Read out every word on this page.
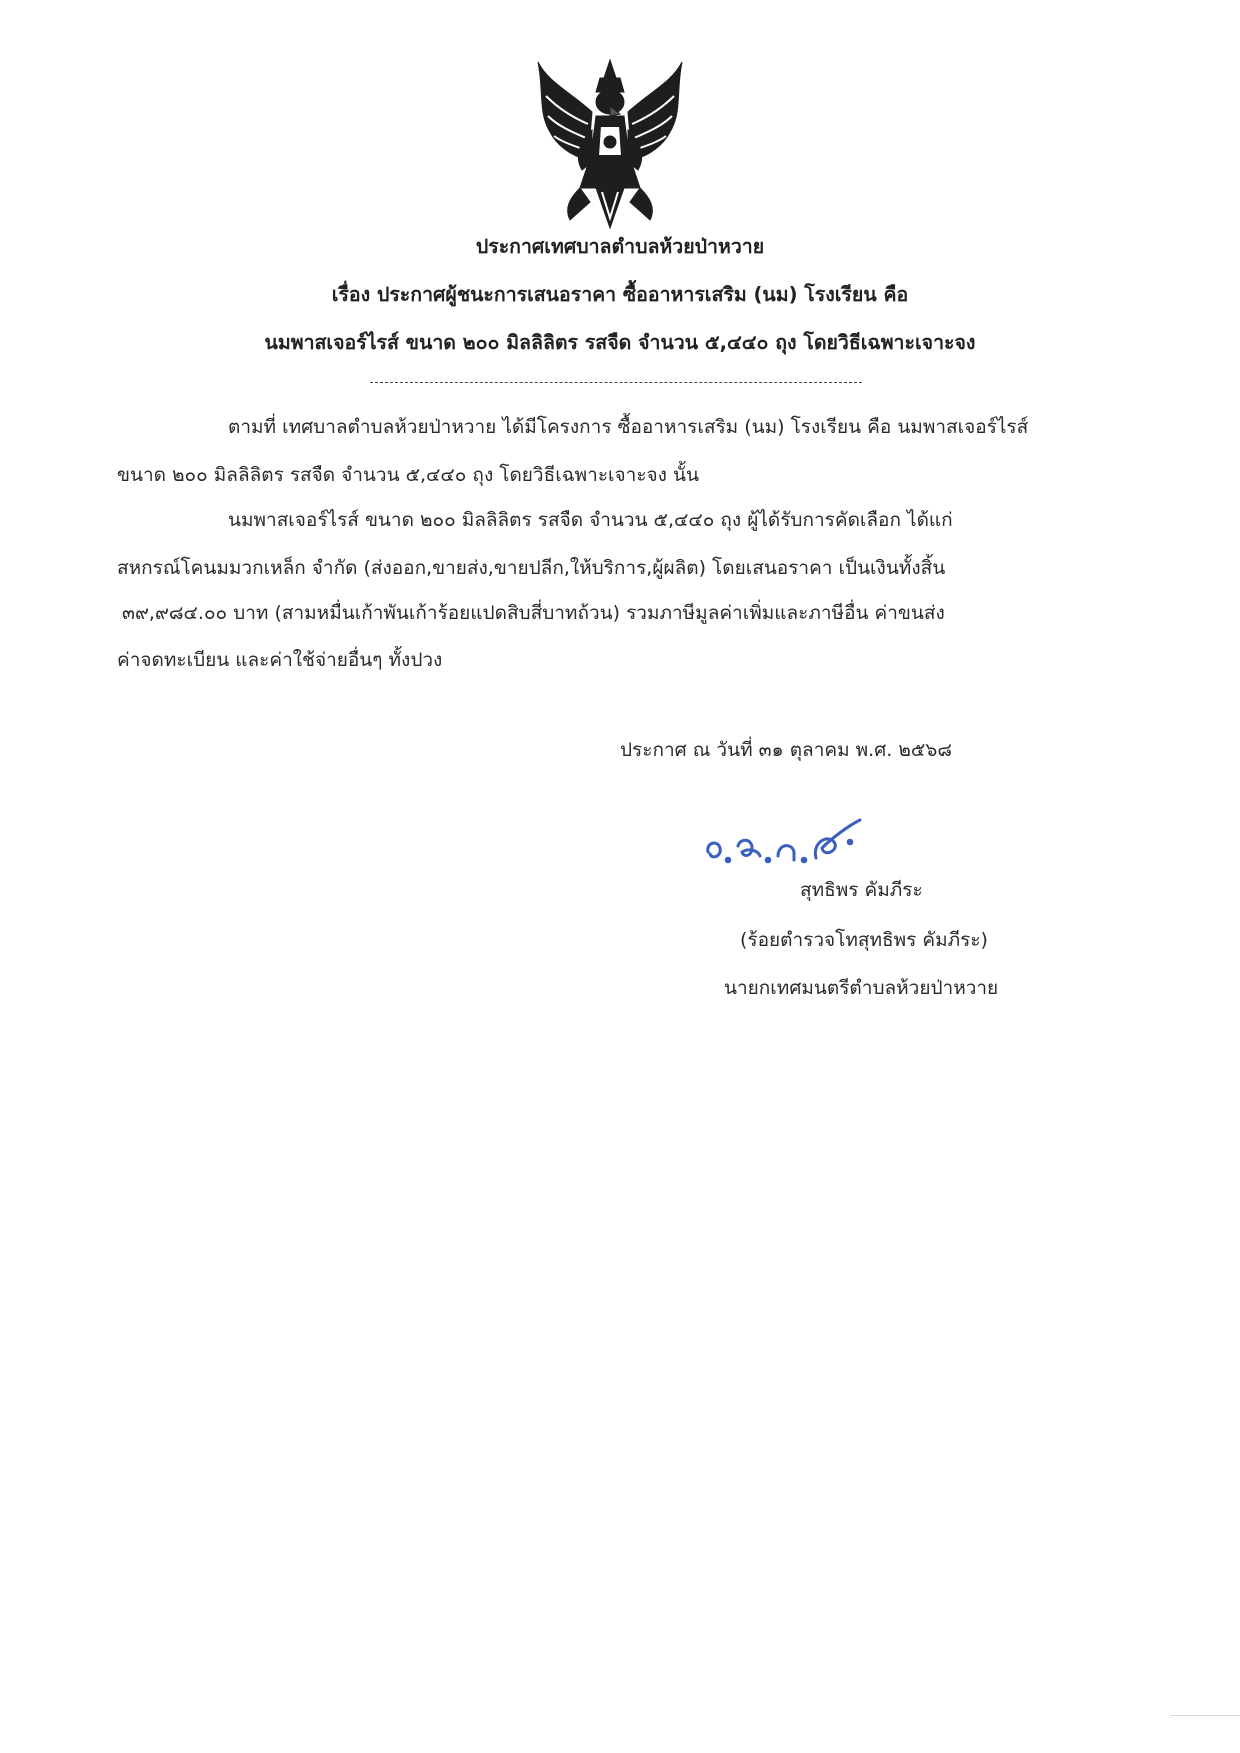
ประกาศเทศบาลตำบลห้วยป่าหวาย
เรื่อง ประกาศผู้ชนะการเสนอราคา ซื้ออาหารเสริม (นม) โรงเรียน คือ
นมพาสเจอร์ไรส์ ขนาด ๒๐๐ มิลลิลิตร รสจืด จำนวน ๕,๔๔๐ ถุง โดยวิธีเฉพาะเจาะจง
ตามที่ เทศบาลตำบลห้วยป่าหวาย ได้มีโครงการ ซื้ออาหารเสริม (นม) โรงเรียน คือ นมพาสเจอร์ไรส์
ขนาด ๒๐๐ มิลลิลิตร รสจืด จำนวน ๕,๔๔๐ ถุง โดยวิธีเฉพาะเจาะจง นั้น
นมพาสเจอร์ไรส์ ขนาด ๒๐๐ มิลลิลิตร รสจืด จำนวน ๕,๔๔๐ ถุง ผู้ได้รับการคัดเลือก ได้แก่
สหกรณ์โคนมมวกเหล็ก จำกัด (ส่งออก,ขายส่ง,ขายปลีก,ให้บริการ,ผู้ผลิต) โดยเสนอราคา เป็นเงินทั้งสิ้น
๓๙,๙๘๔.๐๐ บาท (สามหมื่นเก้าพันเก้าร้อยแปดสิบสี่บาทถ้วน) รวมภาษีมูลค่าเพิ่มและภาษีอื่น ค่าขนส่ง
ค่าจดทะเบียน และค่าใช้จ่ายอื่นๆ ทั้งปวง
ประกาศ ณ วันที่ ๓๑ ตุลาคม พ.ศ. ๒๕๖๘
สุทธิพร คัมภีระ
(ร้อยตำรวจโทสุทธิพร คัมภีระ)
นายกเทศมนตรีตำบลห้วยป่าหวาย
